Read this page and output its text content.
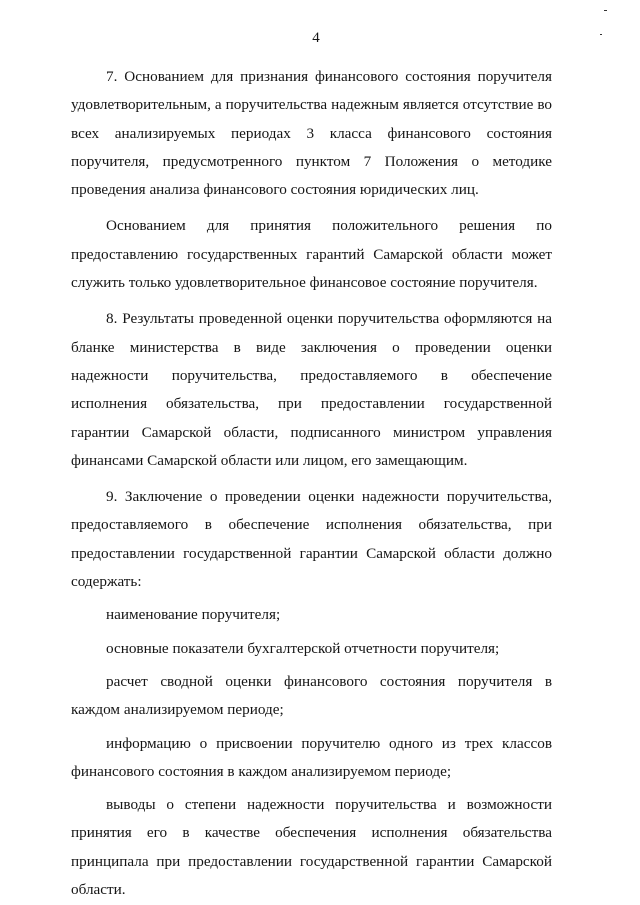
4

7. Основанием для признания финансового состояния поручителя удовлетворительным, а поручительства надежным является отсутствие во всех анализируемых периодах 3 класса финансового состояния поручителя, предусмотренного пунктом 7 Положения о методике проведения анализа финансового состояния юридических лиц.

Основанием для принятия положительного решения по предоставлению государственных гарантий Самарской области может служить только удовлетворительное финансовое состояние поручителя.

8. Результаты проведенной оценки поручительства оформляются на бланке министерства в виде заключения о проведении оценки надежности поручительства, предоставляемого в обеспечение исполнения обязательства, при предоставлении государственной гарантии Самарской области, подписанного министром управления финансами Самарской области или лицом, его замещающим.

9. Заключение о проведении оценки надежности поручительства, предоставляемого в обеспечение исполнения обязательства, при предоставлении государственной гарантии Самарской области должно содержать:

наименование поручителя;

основные показатели бухгалтерской отчетности поручителя;

расчет сводной оценки финансового состояния поручителя в каждом анализируемом периоде;

информацию о присвоении поручителю одного из трех классов финансового состояния в каждом анализируемом периоде;

выводы о степени надежности поручительства и возможности принятия его в качестве обеспечения исполнения обязательства принципала при предоставлении государственной гарантии Самарской области.
